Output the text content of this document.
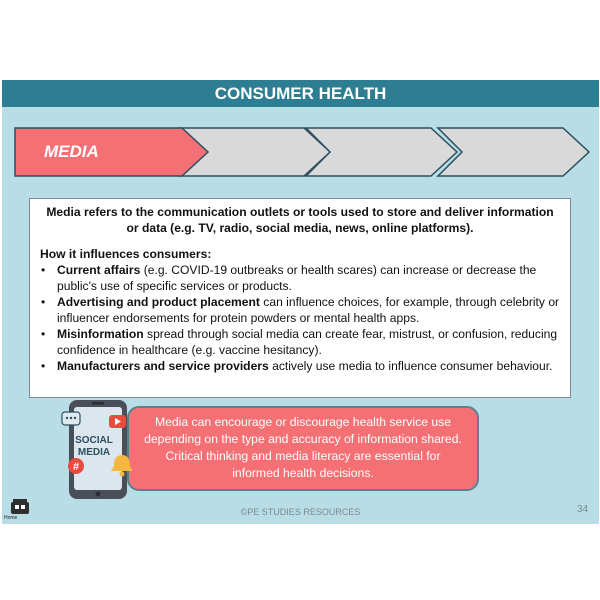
CONSUMER HEALTH
MEDIA

Media refers to the communication outlets or tools used to store and deliver information or data (e.g. TV, radio, social media, news, online platforms).

How it influences consumers:

• Current affairs (e.g. COVID-19 outbreaks or health scares) can increase or decrease the public's use of specific services or products.
• Advertising and product placement can influence choices, for example, through celebrity or influencer endorsements for protein powders or mental health apps.
• Misinformation spread through social media can create fear, mistrust, or confusion, reducing confidence in healthcare (e.g. vaccine hesitancy).
• Manufacturers and service providers actively use media to influence consumer behaviour.
Media can encourage or discourage health service use depending on the type and accuracy of information shared. Critical thinking and media literacy are essential for informed health decisions.
SOCIAL
MEDIA
#
Home
©PE STUDIES RESOURCES	34
